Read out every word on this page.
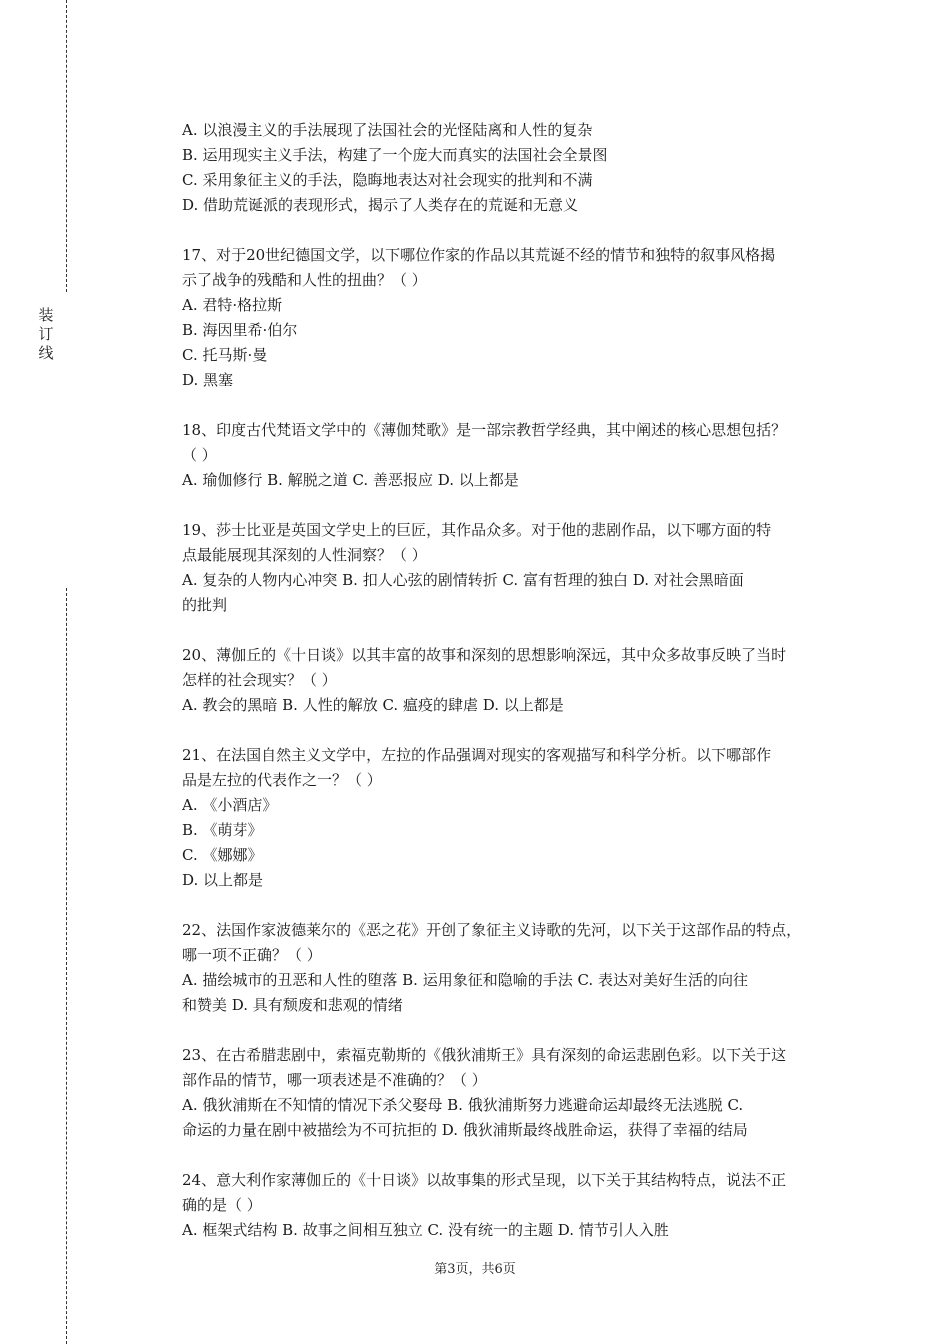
装
订
线
A. 以浪漫主义的手法展现了法国社会的光怪陆离和人性的复杂
B. 运用现实主义手法，构建了一个庞大而真实的法国社会全景图
C. 采用象征主义的手法，隐晦地表达对社会现实的批判和不满
D. 借助荒诞派的表现形式，揭示了人类存在的荒诞和无意义
17、对于20世纪德国文学，以下哪位作家的作品以其荒诞不经的情节和独特的叙事风格揭
示了战争的残酷和人性的扭曲？（ ）
A. 君特·格拉斯
B. 海因里希·伯尔
C. 托马斯·曼
D. 黑塞
18、印度古代梵语文学中的《薄伽梵歌》是一部宗教哲学经典，其中阐述的核心思想包括？
（ ）
A. 瑜伽修行 B. 解脱之道 C. 善恶报应 D. 以上都是
19、莎士比亚是英国文学史上的巨匠，其作品众多。对于他的悲剧作品，以下哪方面的特
点最能展现其深刻的人性洞察？（ ）
A. 复杂的人物内心冲突 B. 扣人心弦的剧情转折 C. 富有哲理的独白 D. 对社会黑暗面
的批判
20、薄伽丘的《十日谈》以其丰富的故事和深刻的思想影响深远，其中众多故事反映了当时
怎样的社会现实？（ ）
A. 教会的黑暗 B. 人性的解放 C. 瘟疫的肆虐 D. 以上都是
21、在法国自然主义文学中，左拉的作品强调对现实的客观描写和科学分析。以下哪部作
品是左拉的代表作之一？（ ）
A. 《小酒店》
B. 《萌芽》
C. 《娜娜》
D. 以上都是
22、法国作家波德莱尔的《恶之花》开创了象征主义诗歌的先河，以下关于这部作品的特点，
哪一项不正确？（ ）
A. 描绘城市的丑恶和人性的堕落 B. 运用象征和隐喻的手法 C. 表达对美好生活的向往
和赞美 D. 具有颓废和悲观的情绪
23、在古希腊悲剧中，索福克勒斯的《俄狄浦斯王》具有深刻的命运悲剧色彩。以下关于这
部作品的情节，哪一项表述是不准确的？（ ）
A. 俄狄浦斯在不知情的情况下杀父娶母 B. 俄狄浦斯努力逃避命运却最终无法逃脱 C.
命运的力量在剧中被描绘为不可抗拒的 D. 俄狄浦斯最终战胜命运，获得了幸福的结局
24、意大利作家薄伽丘的《十日谈》以故事集的形式呈现，以下关于其结构特点，说法不正
确的是（ ）
A. 框架式结构 B. 故事之间相互独立 C. 没有统一的主题 D. 情节引人入胜
第3页，共6页
